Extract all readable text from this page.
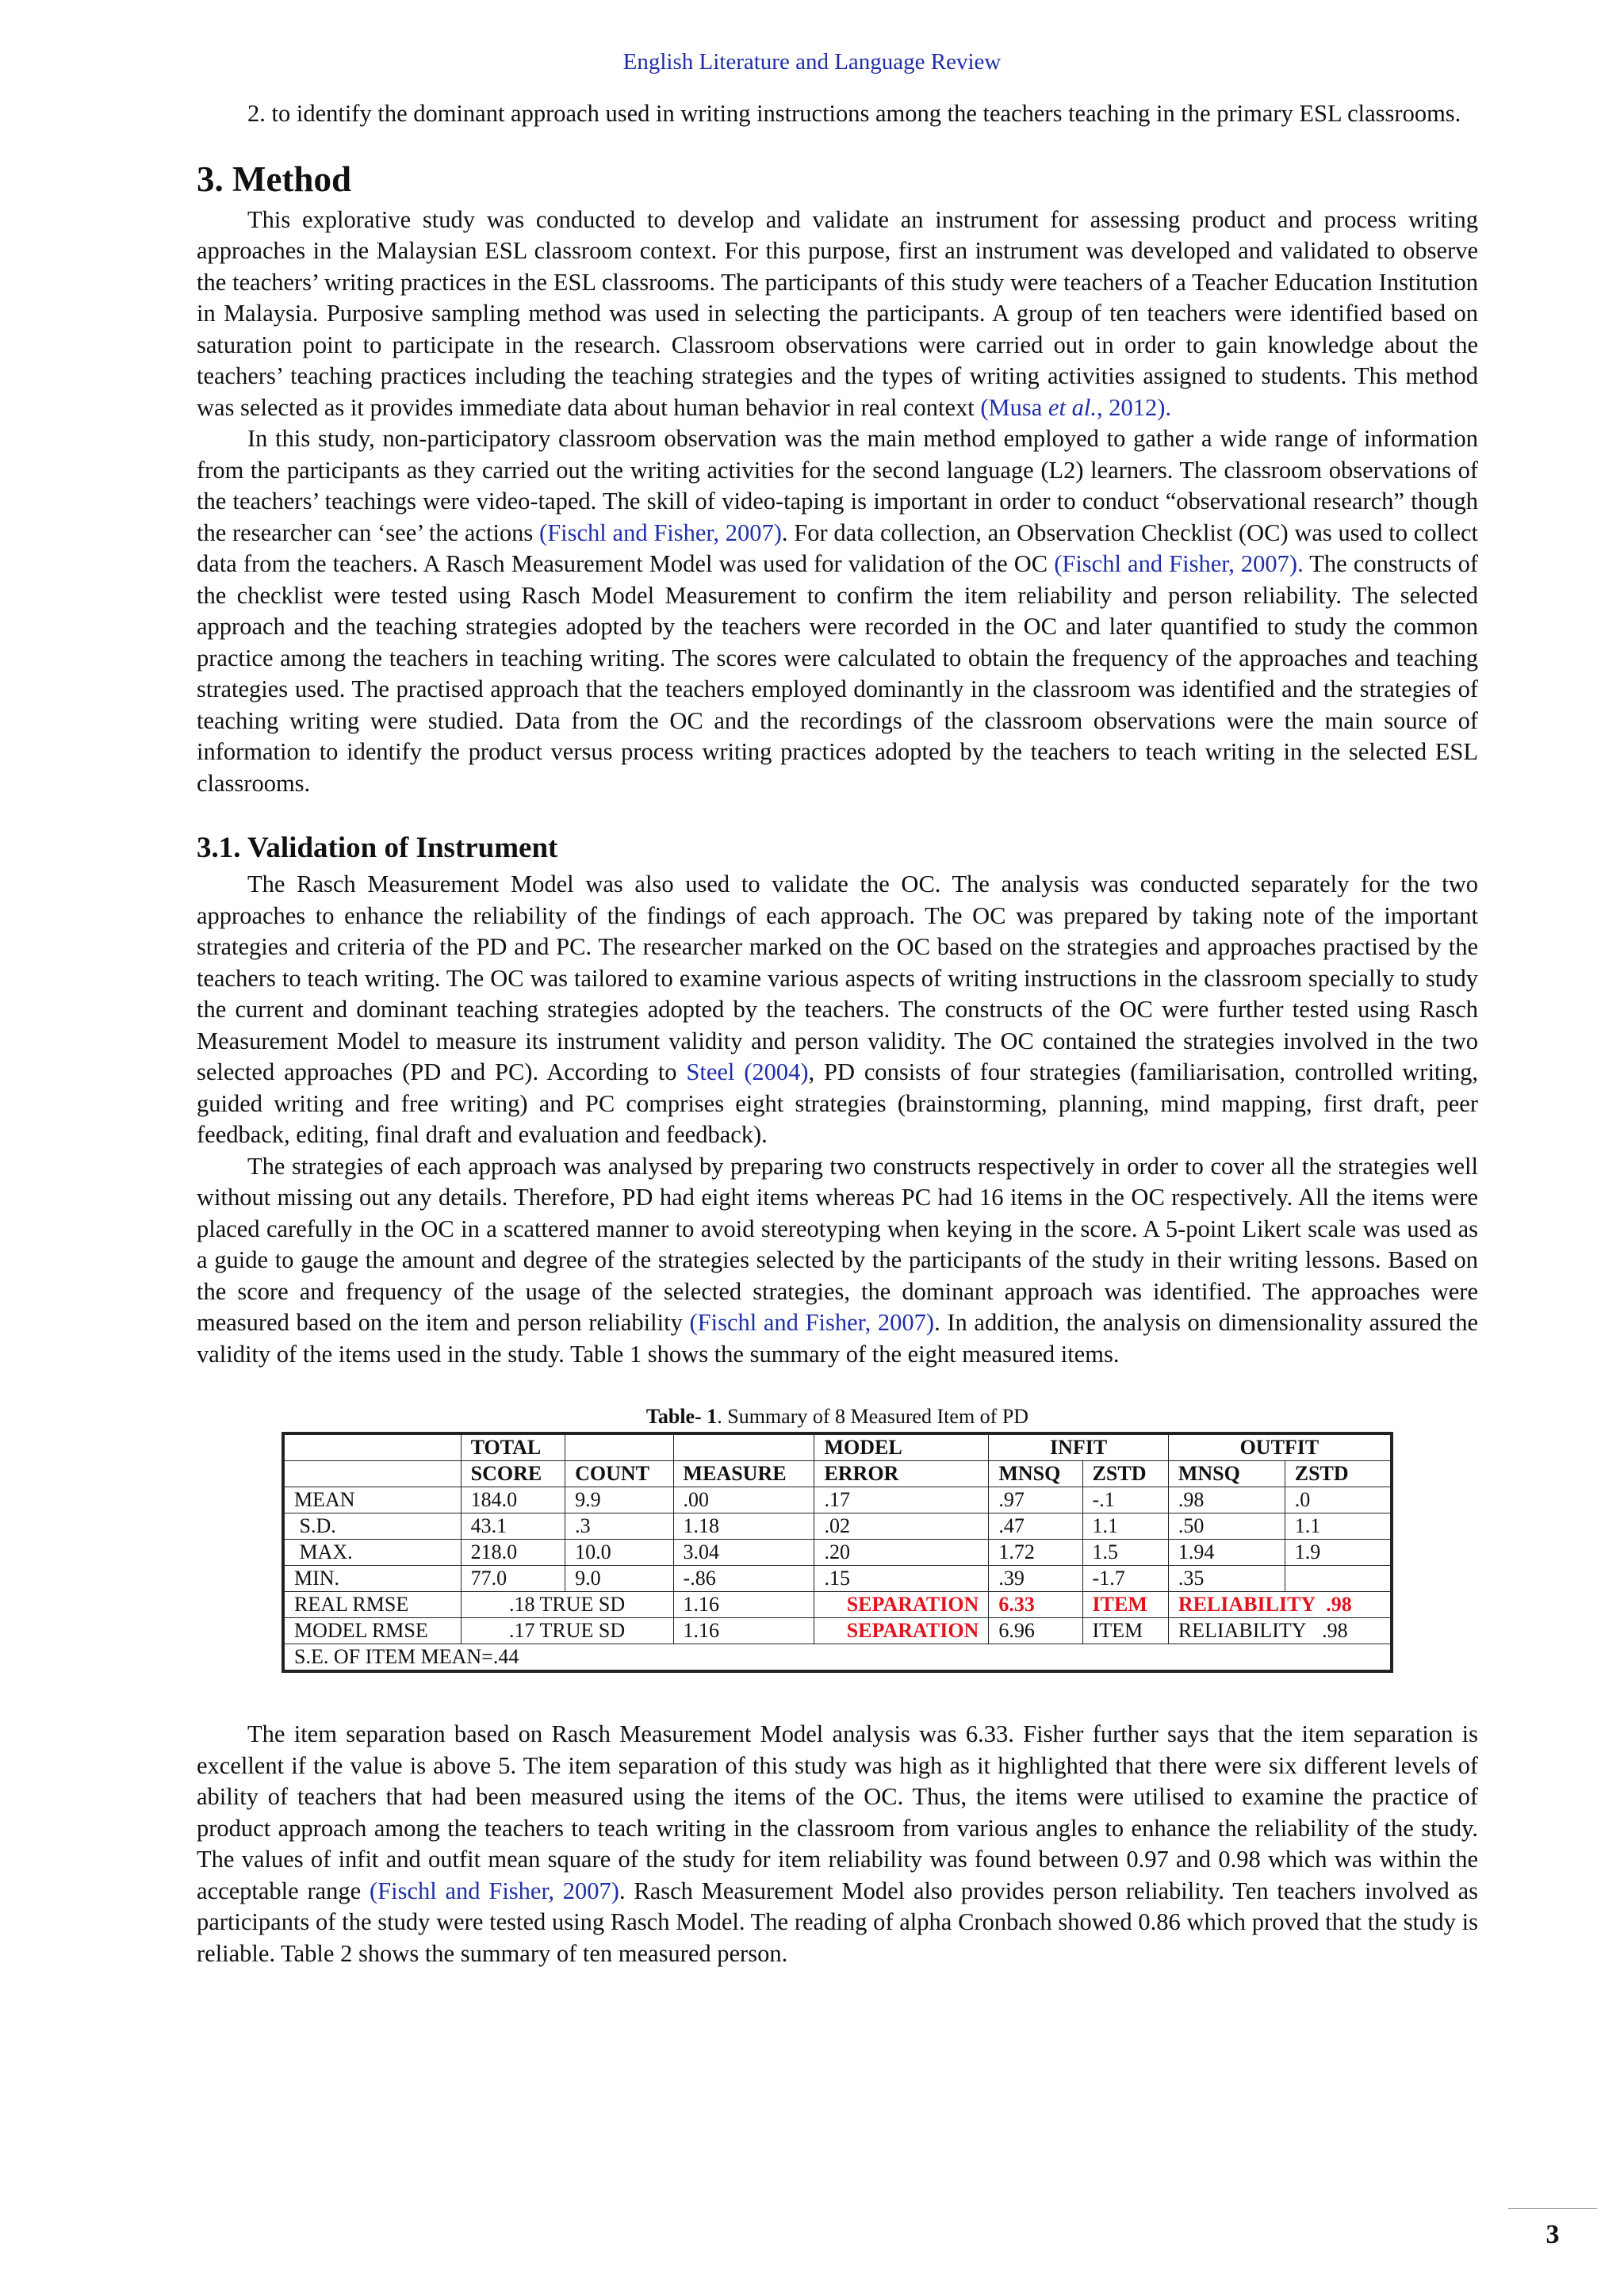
English Literature and Language Review

2. to identify the dominant approach used in writing instructions among the teachers teaching in the primary ESL classrooms.

3. Method

This explorative study was conducted to develop and validate an instrument for assessing product and process writing approaches in the Malaysian ESL classroom context. For this purpose, first an instrument was developed and validated to observe the teachers’ writing practices in the ESL classrooms. The participants of this study were teachers of a Teacher Education Institution in Malaysia. Purposive sampling method was used in selecting the participants. A group of ten teachers were identified based on saturation point to participate in the research. Classroom observations were carried out in order to gain knowledge about the teachers’ teaching practices including the teaching strategies and the types of writing activities assigned to students. This method was selected as it provides immediate data about human behavior in real context (Musa et al., 2012).

In this study, non-participatory classroom observation was the main method employed to gather a wide range of information from the participants as they carried out the writing activities for the second language (L2) learners. The classroom observations of the teachers’ teachings were video-taped. The skill of video-taping is important in order to conduct “observational research” though the researcher can ‘see’ the actions (Fischl and Fisher, 2007). For data collection, an Observation Checklist (OC) was used to collect data from the teachers. A Rasch Measurement Model was used for validation of the OC (Fischl and Fisher, 2007). The constructs of the checklist were tested using Rasch Model Measurement to confirm the item reliability and person reliability. The selected approach and the teaching strategies adopted by the teachers were recorded in the OC and later quantified to study the common practice among the teachers in teaching writing. The scores were calculated to obtain the frequency of the approaches and teaching strategies used. The practised approach that the teachers employed dominantly in the classroom was identified and the strategies of teaching writing were studied. Data from the OC and the recordings of the classroom observations were the main source of information to identify the product versus process writing practices adopted by the teachers to teach writing in the selected ESL classrooms.

3.1. Validation of Instrument

The Rasch Measurement Model was also used to validate the OC. The analysis was conducted separately for the two approaches to enhance the reliability of the findings of each approach. The OC was prepared by taking note of the important strategies and criteria of the PD and PC. The researcher marked on the OC based on the strategies and approaches practised by the teachers to teach writing. The OC was tailored to examine various aspects of writing instructions in the classroom specially to study the current and dominant teaching strategies adopted by the teachers. The constructs of the OC were further tested using Rasch Measurement Model to measure its instrument validity and person validity. The OC contained the strategies involved in the two selected approaches (PD and PC). According to Steel (2004), PD consists of four strategies (familiarisation, controlled writing, guided writing and free writing) and PC comprises eight strategies (brainstorming, planning, mind mapping, first draft, peer feedback, editing, final draft and evaluation and feedback).

The strategies of each approach was analysed by preparing two constructs respectively in order to cover all the strategies well without missing out any details. Therefore, PD had eight items whereas PC had 16 items in the OC respectively. All the items were placed carefully in the OC in a scattered manner to avoid stereotyping when keying in the score. A 5-point Likert scale was used as a guide to gauge the amount and degree of the strategies selected by the participants of the study in their writing lessons. Based on the score and frequency of the usage of the selected strategies, the dominant approach was identified. The approaches were measured based on the item and person reliability (Fischl and Fisher, 2007). In addition, the analysis on dimensionality assured the validity of the items used in the study. Table 1 shows the summary of the eight measured items.

Table- 1. Summary of 8 Measured Item of PD
	TOTAL			MODEL	INFIT		OUTFIT	
	SCORE	COUNT	MEASURE	ERROR	MNSQ	ZSTD	MNSQ	ZSTD
MEAN	184.0	9.9	.00	.17	.97	-.1	.98	.0
S.D.	43.1	.3	1.18	.02	.47	1.1	.50	1.1
MAX.	218.0	10.0	3.04	.20	1.72	1.5	1.94	1.9
MIN.	77.0	9.0	-.86	.15	.39	-1.7	.35	
REAL RMSE	.18 TRUE SD		1.16	SEPARATION	6.33	ITEM	RELIABILITY .98	
MODEL RMSE	.17 TRUE SD		1.16	SEPARATION	6.96	ITEM	RELIABILITY .98	
S.E. OF ITEM MEAN=.44								

The item separation based on Rasch Measurement Model analysis was 6.33. Fisher further says that the item separation is excellent if the value is above 5. The item separation of this study was high as it highlighted that there were six different levels of ability of teachers that had been measured using the items of the OC. Thus, the items were utilised to examine the practice of product approach among the teachers to teach writing in the classroom from various angles to enhance the reliability of the study. The values of infit and outfit mean square of the study for item reliability was found between 0.97 and 0.98 which was within the acceptable range (Fischl and Fisher, 2007). Rasch Measurement Model also provides person reliability. Ten teachers involved as participants of the study were tested using Rasch Model. The reading of alpha Cronbach showed 0.86 which proved that the study is reliable. Table 2 shows the summary of ten measured person.

3
